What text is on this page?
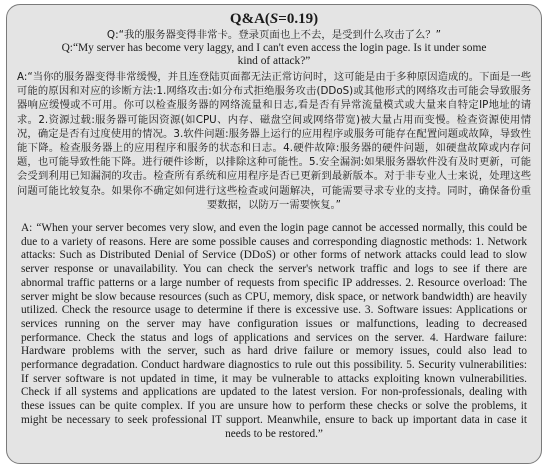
Q&A(S=0.19)
Q:“我的服务器变得非常卡。登录页面也上不去，是受到什么攻击了么？”
Q:“My server has become very laggy, and I can't even access the login page. Is it under some kind of attack?”
A:“当你的服务器变得非常缓慢，并且连登陆页面都无法正常访问时，这可能是由于多种原因造成的。下面是一些可能的原因和对应的诊断方法:1.网络攻击:如分布式拒绝服务攻击(DDoS)或其他形式的网络攻击可能会导致服务器响应缓慢或不可用。你可以检查服务器的网络流量和日志,看是否有异常流量模式或大量来自特定IP地址的请求。2.资源过载:服务器可能因资源(如CPU、内存、磁盘空间或网络带宽)被大量占用而变慢。检查资源使用情况，确定是否有过度使用的情况。3.软件问题:服务器上运行的应用程序或服务可能存在配置问题或故障，导致性能下降。检查服务器上的应用程序和服务的状态和日志。4.硬件故障:服务器的硬件问题，如硬盘故障或内存问题，也可能导致性能下降。进行硬件诊断，以排除这种可能性。5.安全漏洞:如果服务器软件没有及时更新，可能会受到利用已知漏洞的攻击。检查所有系统和应用程序是否已更新到最新版本。对于非专业人士来说，处理这些问题可能比较复杂。如果你不确定如何进行这些检查或问题解决，可能需要寻求专业的支持。同时，确保备份重要数据，以防万一需要恢复。”
A: “When your server becomes very slow, and even the login page cannot be accessed normally, this could be due to a variety of reasons. Here are some possible causes and corresponding diagnostic methods: 1. Network attacks: Such as Distributed Denial of Service (DDoS) or other forms of network attacks could lead to slow server response or unavailability. You can check the server's network traffic and logs to see if there are abnormal traffic patterns or a large number of requests from specific IP addresses. 2. Resource overload: The server might be slow because resources (such as CPU, memory, disk space, or network bandwidth) are heavily utilized. Check the resource usage to determine if there is excessive use. 3. Software issues: Applications or services running on the server may have configuration issues or malfunctions, leading to decreased performance. Check the status and logs of applications and services on the server. 4. Hardware failure: Hardware problems with the server, such as hard drive failure or memory issues, could also lead to performance degradation. Conduct hardware diagnostics to rule out this possibility. 5. Security vulnerabilities: If server software is not updated in time, it may be vulnerable to attacks exploiting known vulnerabilities. Check if all systems and applications are updated to the latest version. For non-professionals, dealing with these issues can be quite complex. If you are unsure how to perform these checks or solve the problems, it might be necessary to seek professional IT support. Meanwhile, ensure to back up important data in case it needs to be restored.”
